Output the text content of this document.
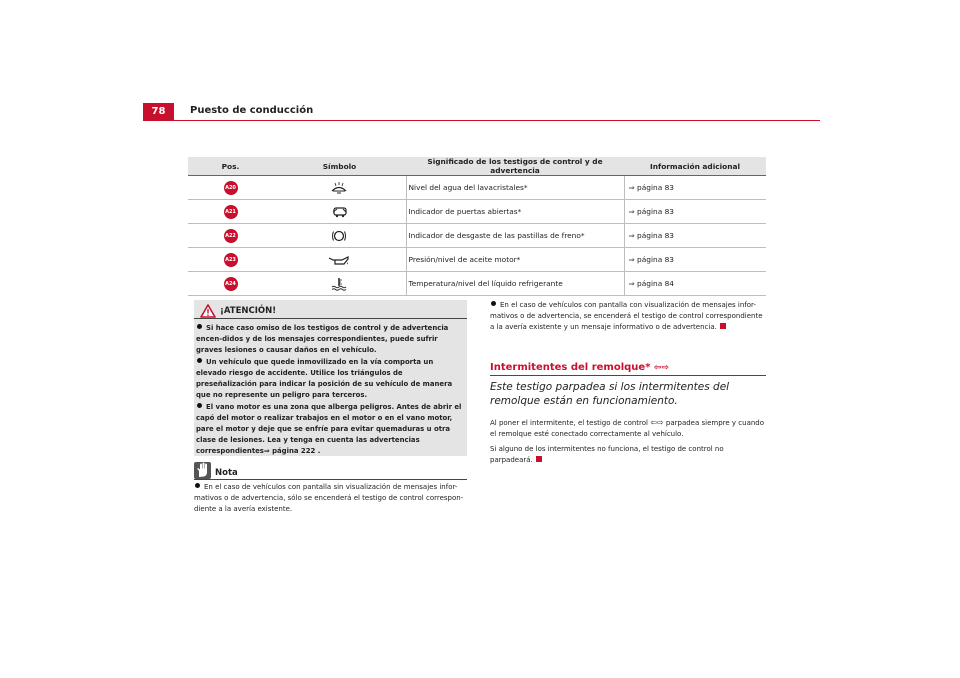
78	Puesto de conducción
Pos.	Símbolo	Significado de los testigos de control y de advertencia	Información adicional
A20		Nivel del agua del lavacristales*	⇒ página 83
A21		Indicador de puertas abiertas*	⇒ página 83
A22		Indicador de desgaste de las pastillas de freno*	⇒ página 83
A23		Presión/nivel de aceite motor*	⇒ página 83
A24		Temperatura/nivel del líquido refrigerante	⇒ página 84
¡ATENCIÓN!

Si hace caso omiso de los testigos de control y de advertencia encen-didos y de los mensajes correspondientes, puede sufrir graves lesiones o causar daños en el vehículo.

Un vehículo que quede inmovilizado en la vía comporta un elevado riesgo de accidente. Utilice los triángulos de preseñalización para indicar la posición de su vehículo de manera que no represente un peligro para terceros.

El vano motor es una zona que alberga peligros. Antes de abrir el capó del motor o realizar trabajos en el motor o en el vano motor, pare el motor y deje que se enfríe para evitar quemaduras u otra clase de lesiones. Lea y tenga en cuenta las advertencias correspondientes⇒ página 222 .

Nota

En el caso de vehículos con pantalla sin visualización de mensajes infor-mativos o de advertencia, sólo se encenderá el testigo de control correspon-diente a la avería existente.

En el caso de vehículos con pantalla con visualización de mensajes infor-mativos o de advertencia, se encenderá el testigo de control correspondiente a la avería existente y un mensaje informativo o de advertencia.

Intermitentes del remolque* ⇦⇨
Este testigo parpadea si los intermitentes del remolque están en funcionamiento.

Al poner el intermitente, el testigo de control ⇦⇨ parpadea siempre y cuando el remolque esté conectado correctamente al vehículo.

Si alguno de los intermitentes no funciona, el testigo de control no parpadeará.
